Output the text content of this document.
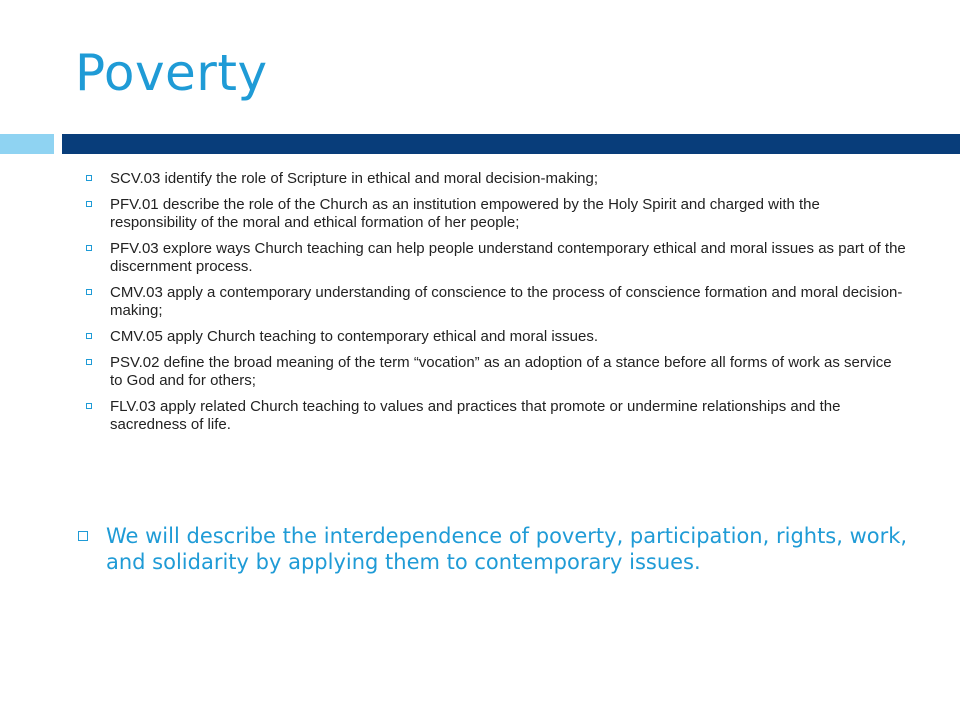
Poverty
SCV.03 identify the role of Scripture in ethical and moral decision-making;
PFV.01 describe the role of the Church as an institution empowered by the Holy Spirit and charged with the responsibility of the moral and ethical formation of her people;
PFV.03 explore ways Church teaching can help people understand contemporary ethical and moral issues as part of the discernment process.
CMV.03 apply a contemporary understanding of conscience to the process of conscience formation and moral decision-making;
CMV.05 apply Church teaching to contemporary ethical and moral issues.
PSV.02 define the broad meaning of the term “vocation” as an adoption of a stance before all forms of work as service to God and for others;
FLV.03 apply related Church teaching to values and practices that promote or undermine relationships and the sacredness of life.
We will describe the interdependence of poverty, participation, rights, work, and solidarity by applying them to contemporary issues.
